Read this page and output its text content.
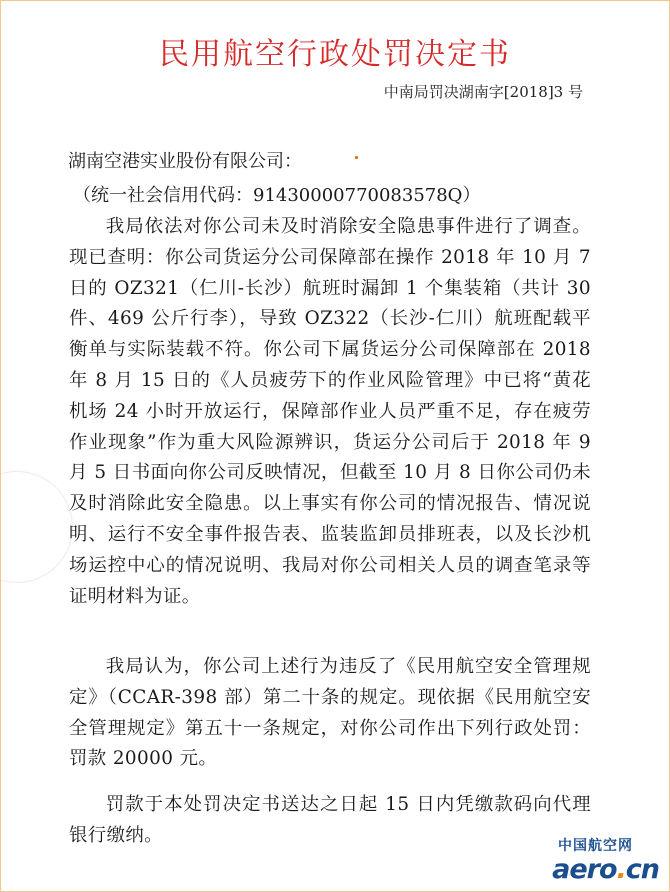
民用航空行政处罚决定书
中南局罚决湖南字[2018]3 号
湖南空港实业股份有限公司：
（统一社会信用代码：91430000770083578Q）

我局依法对你公司未及时消除安全隐患事件进行了调查。现已查明：你公司货运分公司保障部在操作 2018 年 10 月 7 日的 OZ321（仁川-长沙）航班时漏卸 1 个集装箱（共计 30 件、469 公斤行李），导致 OZ322（长沙-仁川）航班配载平衡单与实际装载不符。你公司下属货运分公司保障部在 2018 年 8 月 15 日的《人员疲劳下的作业风险管理》中已将“黄花机场 24 小时开放运行，保障部作业人员严重不足，存在疲劳作业现象”作为重大风险源辨识，货运分公司后于 2018 年 9 月 5 日书面向你公司反映情况，但截至 10 月 8 日你公司仍未及时消除此安全隐患。以上事实有你公司的情况报告、情况说明、运行不安全事件报告表、监装监卸员排班表，以及长沙机场运控中心的情况说明、我局对你公司相关人员的调查笔录等证明材料为证。

我局认为，你公司上述行为违反了《民用航空安全管理规定》（CCAR-398 部）第二十条的规定。现依据《民用航空安全管理规定》第五十一条规定，对你公司作出下列行政处罚：罚款 20000 元。

罚款于本处罚决定书送达之日起 15 日内凭缴款码向代理银行缴纳。

中国航空网
aero.cn
